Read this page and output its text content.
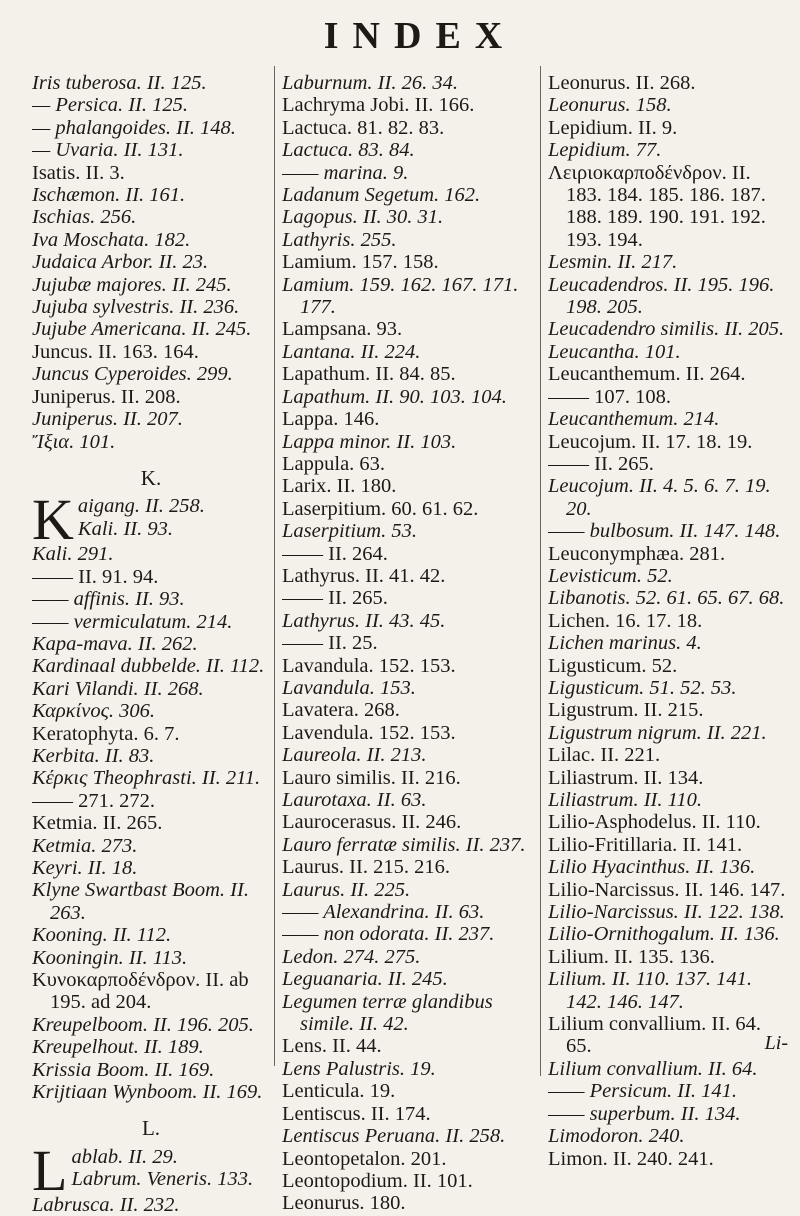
INDEX
Iris tuberosa. II. 125.
— Persica. II. 125.
— phalangoides. II. 148.
— Uvaria. II. 131.
Isatis. II. 3.
Ischæmon. II. 161.
Ischias. 256.
Iva Moschata. 182.
Judaica Arbor. II. 23.
Jujubæ majores. II. 245.
Jujuba sylvestris. II. 236.
Jujube Americana. II. 245.
Juncus. II. 163. 164.
Juncus Cyperoides. 299.
Juniperus. II. 208.
Juniperus. II. 207.
Ἴξια. 101.
K.
K aigang. II. 258.
Kali. II. 93.
Kali. 291.
—— II. 91. 94.
—— affinis. II. 93.
—— vermiculatum. 214.
Kapa-mava. II. 262.
Kardinaal dubbelde. II. 112.
Kari Vilandi. II. 268.
Καρκίνος. 306.
Keratophyta. 6. 7.
Kerbita. II. 83.
Κέρκις Theophrasti. II. 211.
—— 271. 272.
Ketmia. II. 265.
Ketmia. 273.
Keyri. II. 18.
Klyne Swartbast Boom. II. 263.
Kooning. II. 112.
Kooningin. II. 113.
Κυνοκαρποδένδρον. II. ab 195. ad 204.
Kreupelboom. II. 196. 205.
Kreupelhout. II. 189.
Krissia Boom. II. 169.
Krijtiaan Wynboom. II. 169.
L.
L ablab. II. 29.
Labrum. Veneris. 133.
Labrusca. II. 232.
Laburnum. II. 26. 34.
Lachryma Jobi. II. 166.
Lactuca. 81. 82. 83.
Lactuca. 83. 84.
—— marina. 9.
Ladanum Segetum. 162.
Lagopus. II. 30. 31.
Lathyris. 255.
Lamium. 157. 158.
Lamium. 159. 162. 167. 171. 177.
Lampsana. 93.
Lantana. II. 224.
Lapathum. II. 84. 85.
Lapathum. II. 90. 103. 104.
Lappa. 146.
Lappa minor. II. 103.
Lappula. 63.
Larix. II. 180.
Laserpitium. 60. 61. 62.
Laserpitium. 53.
—— II. 264.
Lathyrus. II. 41. 42.
—— II. 265.
Lathyrus. II. 43. 45.
—— II. 25.
Lavandula. 152. 153.
Lavandula. 153.
Lavatera. 268.
Lavendula. 152. 153.
Laureola. II. 213.
Lauro similis. II. 216.
Laurotaxa. II. 63.
Laurocerasus. II. 246.
Lauro ferratæ similis. II. 237.
Laurus. II. 215. 216.
Laurus. II. 225.
—— Alexandrina. II. 63.
—— non odorata. II. 237.
Ledon. 274. 275.
Leguanaria. II. 245.
Legumen terræ glandibus simile. II. 42.
Lens. II. 44.
Lens Palustris. 19.
Lenticula. 19.
Lentiscus. II. 174.
Lentiscus Peruana. II. 258.
Leontopetalon. 201.
Leontopodium. II. 101.
Leonurus. 180.
Leonurus. II. 268.
Leonurus. 158.
Lepidium. II. 9.
Lepidium. 77.
Λειριοκαρποδένδρον. II. 183. 184. 185. 186. 187. 188. 189. 190. 191. 192. 193. 194.
Lesmin. II. 217.
Leucadendros. II. 195. 196. 198. 205.
Leucadendro similis. II. 205.
Leucantha. 101.
Leucanthemum. II. 264.
—— 107. 108.
Leucanthemum. 214.
Leucojum. II. 17. 18. 19.
—— II. 265.
Leucojum. II. 4. 5. 6. 7. 19. 20.
—— bulbosum. II. 147. 148.
Leuconymphæa. 281.
Levisticum. 52.
Libanotis. 52. 61. 65. 67. 68.
Lichen. 16. 17. 18.
Lichen marinus. 4.
Ligusticum. 52.
Ligusticum. 51. 52. 53.
Ligustrum. II. 215.
Ligustrum nigrum. II. 221.
Lilac. II. 221.
Liliastrum. II. 134.
Liliastrum. II. 110.
Lilio-Asphodelus. II. 110.
Lilio-Fritillaria. II. 141.
Lilio Hyacinthus. II. 136.
Lilio-Narcissus. II. 146. 147.
Lilio-Narcissus. II. 122. 138.
Lilio-Ornithogalum. II. 136.
Lilium. II. 135. 136.
Lilium. II. 110. 137. 141. 142. 146. 147.
Lilium convallium. II. 64. 65.
Lilium convallium. II. 64.
—— Persicum. II. 141.
—— superbum. II. 134.
Limodoron. 240.
Limon. II. 240. 241.
Li-
